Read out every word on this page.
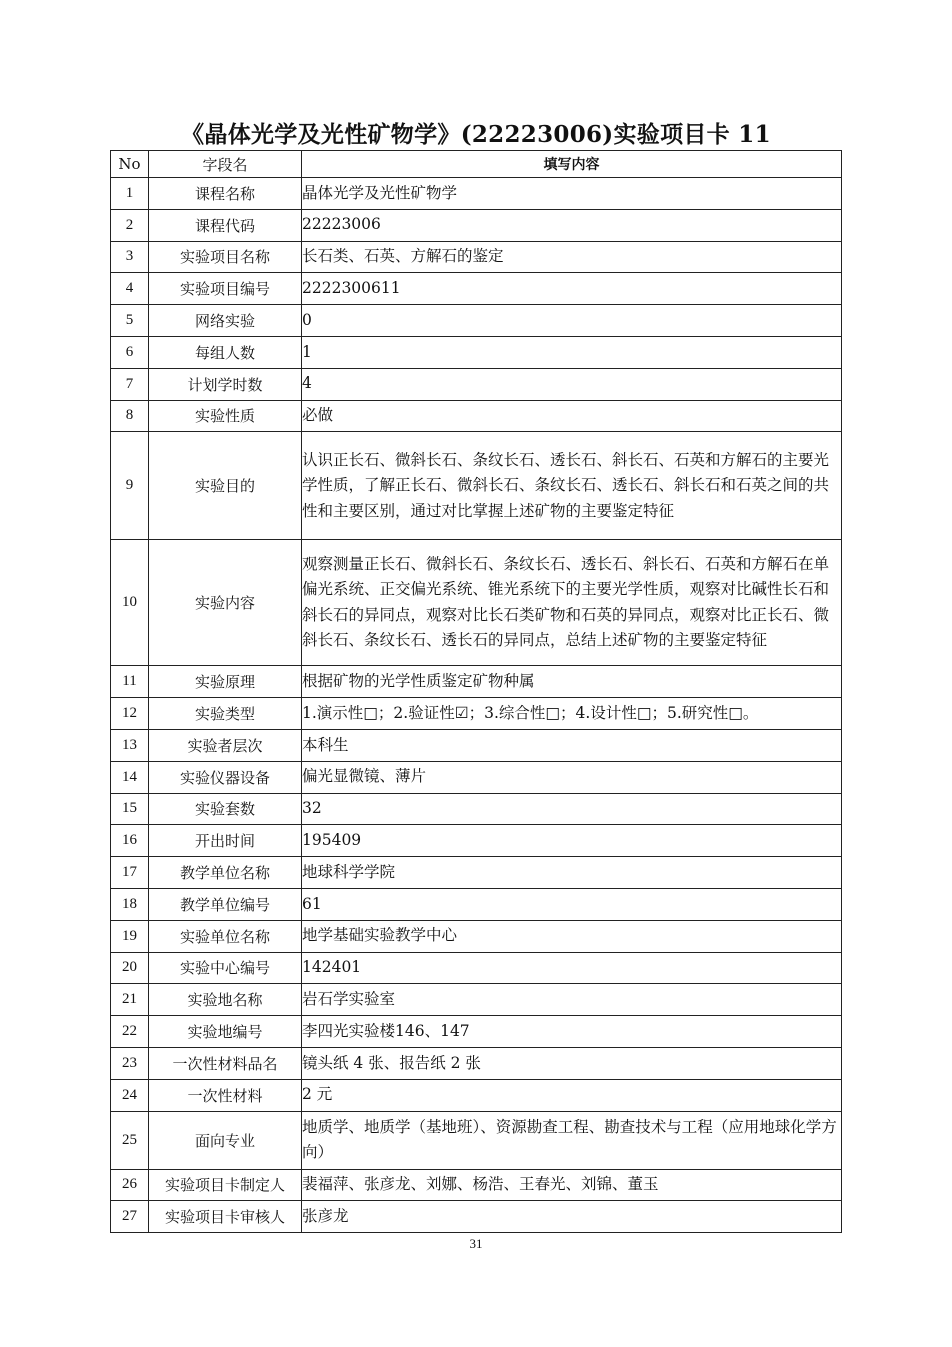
《晶体光学及光性矿物学》(22223006)实验项目卡 11
No	字段名	填写内容
1	课程名称	晶体光学及光性矿物学
2	课程代码	22223006
3	实验项目名称	长石类、石英、方解石的鉴定
4	实验项目编号	2222300611
5	网络实验	0
6	每组人数	1
7	计划学时数	4
8	实验性质	必做
9	实验目的	认识正长石、微斜长石、条纹长石、透长石、斜长石、石英和方解石的主要光学性质，了解正长石、微斜长石、条纹长石、透长石、斜长石和石英之间的共性和主要区别，通过对比掌握上述矿物的主要鉴定特征
10	实验内容	观察测量正长石、微斜长石、条纹长石、透长石、斜长石、石英和方解石在单偏光系统、正交偏光系统、锥光系统下的主要光学性质，观察对比碱性长石和斜长石的异同点，观察对比长石类矿物和石英的异同点，观察对比正长石、微斜长石、条纹长石、透长石的异同点，总结上述矿物的主要鉴定特征
11	实验原理	根据矿物的光学性质鉴定矿物种属
12	实验类型	1.演示性□；2.验证性☑；3.综合性□；4.设计性□；5.研究性□。
13	实验者层次	本科生
14	实验仪器设备	偏光显微镜、薄片
15	实验套数	32
16	开出时间	195409
17	教学单位名称	地球科学学院
18	教学单位编号	61
19	实验单位名称	地学基础实验教学中心
20	实验中心编号	142401
21	实验地名称	岩石学实验室
22	实验地编号	李四光实验楼146、147
23	一次性材料品名	镜头纸 4 张、报告纸 2 张
24	一次性材料	2 元
25	面向专业	地质学、地质学（基地班）、资源勘查工程、勘查技术与工程（应用地球化学方向）
26	实验项目卡制定人	裴福萍、张彦龙、刘娜、杨浩、王春光、刘锦、董玉
27	实验项目卡审核人	张彦龙
31
